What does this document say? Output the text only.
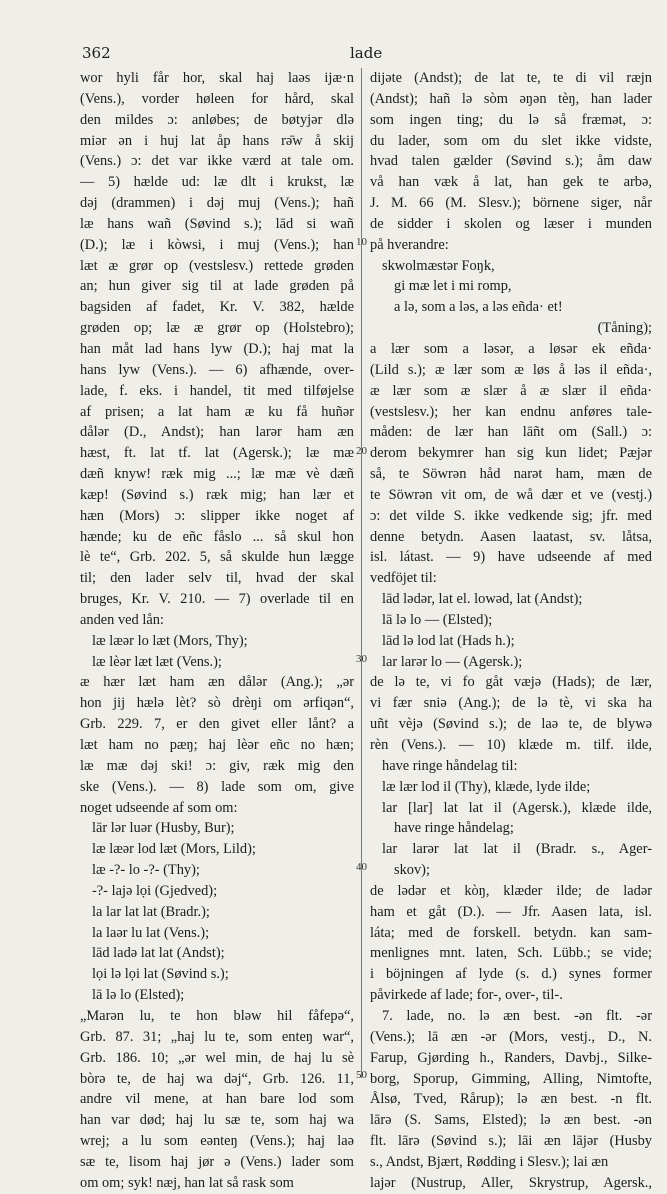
362	lade
wor hyli får hor, skal haj laəs ijæ·n
(Vens.), vorder høleen for hård, skal
den mildes ɔ: anløbes; de bøtyjər dlə
miər ən i huj lat åp hans rə̄w å skij
(Vens.) ɔ: det var ikke værd at tale om.
— 5) hælde ud: læ dlt i krukst, læ
dəj (drammen) i dəj muj (Vens.); hañ
læ hans wañ (Søvind s.); lād si wañ
(D.); læ i kòwsi, i muj (Vens.); han
læt æ grør op (vestslesv.) rettede grøden
an; hun giver sig til at lade grøden på
bagsiden af fadet, Kr. V. 382, hælde
grøden op; læ æ grør op (Holstebro);
han måt lad hans lyw (D.); haj mat la
hans lyw (Vens.). — 6) afhænde, over-
lade, f. eks. i handel, tit med tilføjelse
af prisen; a lat ham æ ku få huñər
dålər (D., Andst); han larər ham æn
hæst, ft. lat tf. lat (Agersk.); læ mæ
dæñ knyw! ræk mig ...; læ mæ vè dæñ
kæp! (Søvind s.) ræk mig; han lær et
hæn (Mors) ɔ: slipper ikke noget af
hænde; ku de eñc fåslo ... så skul hon
lè te“, Grb. 202. 5, så skulde hun lægge
til; den lader selv til, hvad der skal
bruges, Kr. V. 210. — 7) overlade til en
anden ved lån:
læ læər lo læt (Mors, Thy);
læ lèər læt læt (Vens.);
æ hær læt ham æn dålər (Ang.); „ər
hon jij hælə lèt? sò drèŋi om ərfiqən“,
Grb. 229. 7, er den givet eller lånt? a
læt ham no pæŋ; haj lèər eñc no hæn;
læ mæ dəj ski! ɔ: giv, ræk mig den
ske (Vens.). — 8) lade som om, give
noget udseende af som om:
lār lər luər (Husby, Bur);
læ læər lod læt (Mors, Lild);
læ -?- lo -?- (Thy);
-?- lajə lọi (Gjedved);
la lar lat lat (Bradr.);
la laər lu lat (Vens.);
lād ladə lat lat (Andst);
lọi lə lọi lat (Søvind s.);
lā lə lo (Elsted);
„Marən lu, te hon bləw hil fåfepə“,
Grb. 87. 31; „haj lu te, som enteŋ war“,
Grb. 186. 10; „ər wel min, de haj lu sè
bòrə te, de haj wa dəj“, Grb. 126. 11,
andre vil mene, at han bare lod som
han var død; haj lu sæ te, som haj wa
wrej; a lu som eənteŋ (Vens.); haj laə
sæ te, lisom haj jør ə (Vens.) lader som
om om; syk! næj, han lat så rask som
dijəte (Andst); de lat te, te di vil ræjn
(Andst); hañ lə sòm əŋən tèŋ, han lader
som ingen ting; du lə så fræmət, ɔ:
du lader, som om du slet ikke vidste,
hvad talen gælder (Søvind s.); åm daw
vå han væk å lat, han gek te arbə,
J. M. 66 (M. Slesv.); börnene siger, når
de sidder i skolen og læser i munden
på hverandre:
skwolmæstər Foŋk,
gi mæ let i mi romp,
a lə, som a ləs, a ləs eñda· et!
(Tåning);
a lær som a ləsər, a løsər ek eñda·
(Lild s.); æ lær som æ løs å ləs il eñda·,
æ lær som æ slær å æ slær il eñda·
(vestslesv.); her kan endnu anføres tale-
måden: de lær han lāñt om (Sall.) ɔ:
derom bekymrer han sig kun lidet; Pæjər
så, te Söwrən håd narət ham, mæn de
te Söwrən vit om, de wå dær et ve (vestj.)
ɔ: det vilde S. ikke vedkende sig; jfr. med
denne betydn. Aasen laatast, sv. låtsa,
isl. látast. — 9) have udseende af med
vedföjet til:
lād lədər, lat el. lowəd, lat (Andst);
lā lə lo — (Elsted);
lād lə lod lat (Hads h.);
lar larər lo — (Agersk.);
de lə te, vi fo gåt væjə (Hads); de lær,
vi fær sniə (Ang.); de lə tè, vi ska ha
uñt vèjə (Søvind s.); de laə te, de blywə
rèn (Vens.). — 10) klæde m. tilf. ilde,
have ringe håndelag til:
læ lær lod il (Thy), klæde, lyde ilde;
lar [lar] lat lat il (Agersk.), klæde ilde,
have ringe håndelag;
lar larər lat lat il (Bradr. s., Ager-
skov);
de lədər et kòŋ, klæder ilde; de ladər
ham et gåt (D.). — Jfr. Aasen lata, isl.
láta; med de forskell. betydn. kan sam-
menlignes mnt. laten, Sch. Lübb.; se vide;
i böjningen af lyde (s. d.) synes former
påvirkede af lade; for-, over-, til-.
7. lade, no. lə æn best. -ən flt. -ər
(Vens.); lā æn -ər (Mors, vestj., D., N.
Farup, Gjørding h., Randers, Davbj., Silke-
borg, Sporup, Gimming, Alling, Nimtofte,
Ålsø, Tved, Rårup); lə æn best. -n flt.
lārə (S. Sams, Elsted); lə æn best. -ən
flt. lārə (Søvind s.); lāi æn lājər (Husby
s., Andst, Bjært, Rødding i Slesv.); lai æn
lajər (Nustrup, Aller, Skrystrup, Agersk.,
10
20
30
40
50
